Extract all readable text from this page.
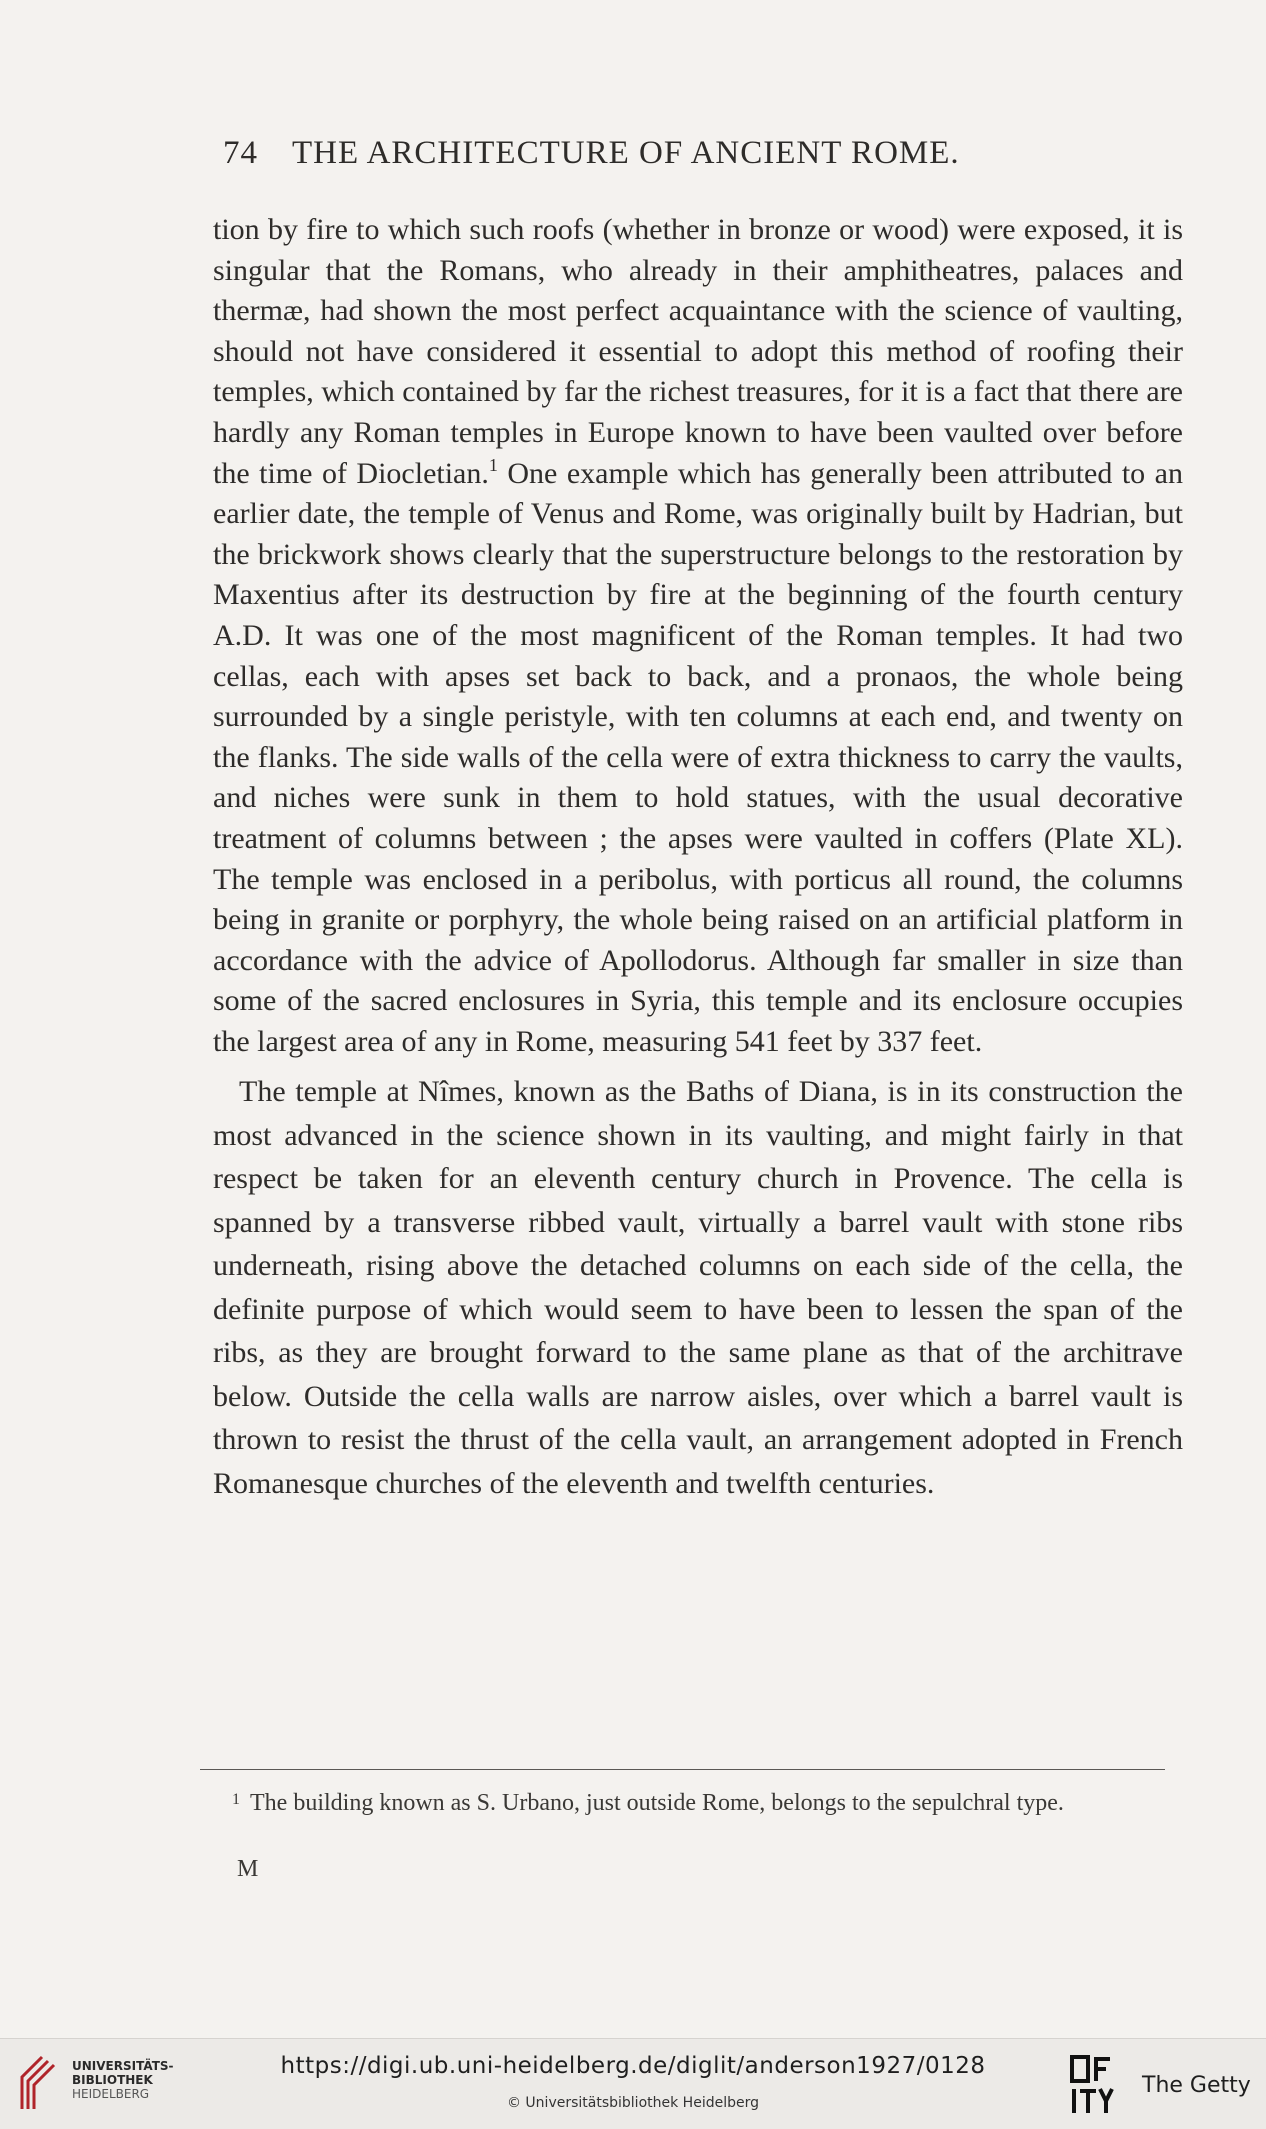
74 THE ARCHITECTURE OF ANCIENT ROME.

tion by fire to which such roofs (whether in bronze or wood) were exposed, it is singular that the Romans, who already in their amphitheatres, palaces and thermæ, had shown the most perfect acquaintance with the science of vaulting, should not have considered it essential to adopt this method of roofing their temples, which contained by far the richest treasures, for it is a fact that there are hardly any Roman temples in Europe known to have been vaulted over before the time of Diocletian.$^1$ One example which has generally been attributed to an earlier date, the temple of Venus and Rome, was originally built by Hadrian, but the brickwork shows clearly that the superstructure belongs to the restoration by Maxentius after its destruction by fire at the beginning of the fourth century A.D. It was one of the most magnificent of the Roman temples. It had two cellas, each with apses set back to back, and a pronaos, the whole being surrounded by a single peristyle, with ten columns at each end, and twenty on the flanks. The side walls of the cella were of extra thickness to carry the vaults, and niches were sunk in them to hold statues, with the usual decorative treatment of columns between ; the apses were vaulted in coffers (Plate XL). The temple was enclosed in a peribolus, with porticus all round, the columns being in granite or porphyry, the whole being raised on an artificial platform in accordance with the advice of Apollodorus. Although far smaller in size than some of the sacred enclosures in Syria, this temple and its enclosure occupies the largest area of any in Rome, measuring 541 feet by 337 feet.

The temple at Nîmes, known as the Baths of Diana, is in its construction the most advanced in the science shown in its vaulting, and might fairly in that respect be taken for an eleventh century church in Provence. The cella is spanned by a transverse ribbed vault, virtually a barrel vault with stone ribs underneath, rising above the detached columns on each side of the cella, the definite purpose of which would seem to have been to lessen the span of the ribs, as they are brought forward to the same plane as that of the architrave below. Outside the cella walls are narrow aisles, over which a barrel vault is thrown to resist the thrust of the cella vault, an arrangement adopted in French Romanesque churches of the eleventh and twelfth centuries.

$^1$ The building known as S. Urbano, just outside Rome, belongs to the sepulchral type.
M
UNIVERSITÄTS-
BIBLIOTHEK
HEIDELBERG
https://digi.ub.uni-heidelberg.de/diglit/anderson1927/0128
© Universitätsbibliothek Heidelberg
The Getty
